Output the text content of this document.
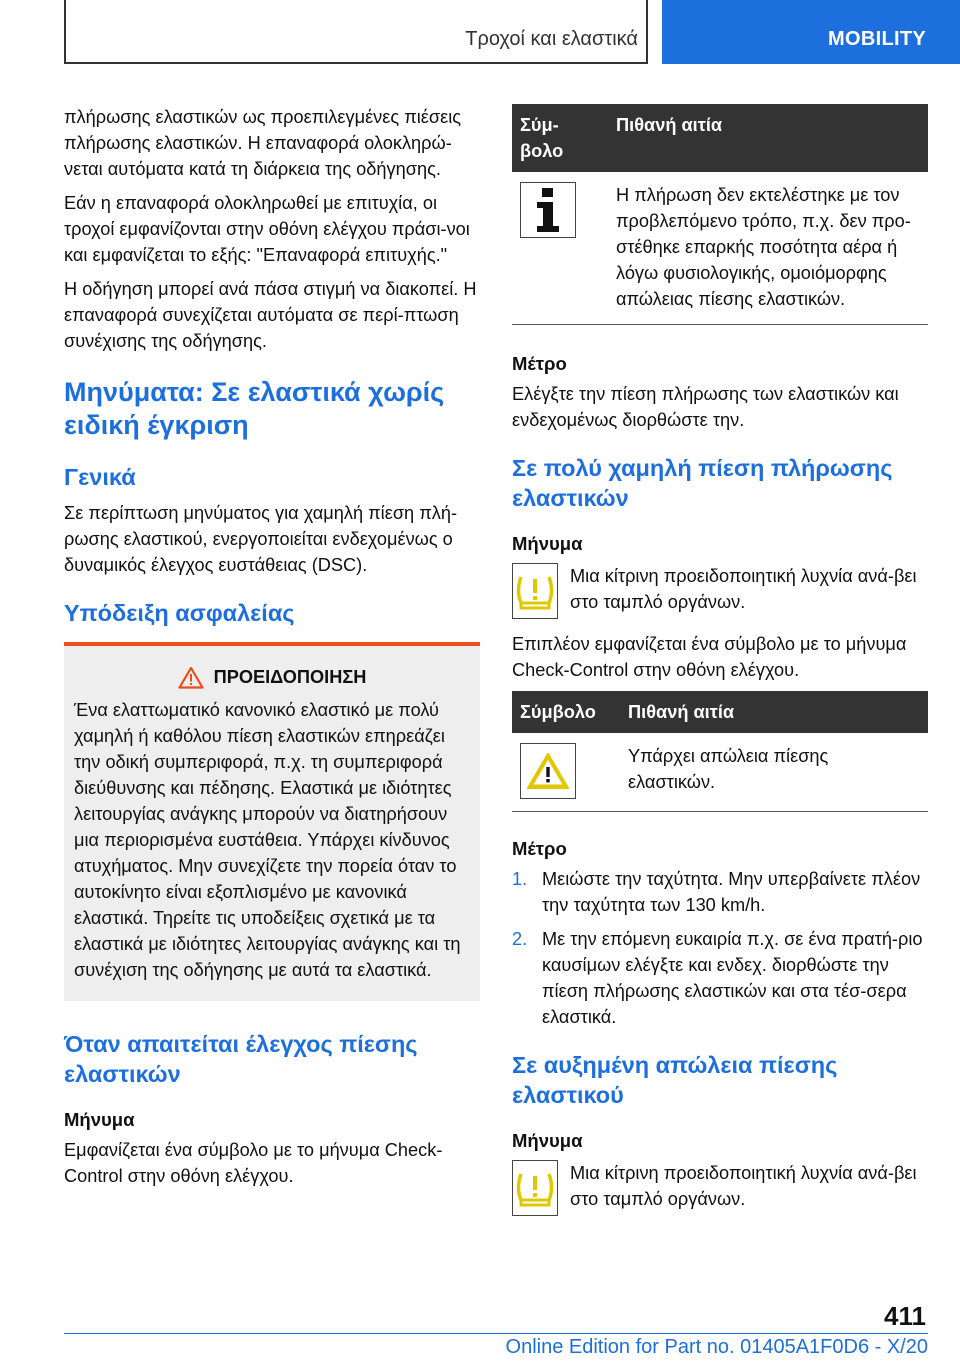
Τροχοί και ελαστικά	MOBILITY

πλήρωσης ελαστικών ως προεπιλεγμένες πιέσεις πλήρωσης ελαστικών. Η επαναφορά ολοκληρώ-νεται αυτόματα κατά τη διάρκεια της οδήγησης.

Εάν η επαναφορά ολοκληρωθεί με επιτυχία, οι τροχοί εμφανίζονται στην οθόνη ελέγχου πράσι-νοι και εμφανίζεται το εξής: "Επαναφορά επιτυχής."

Η οδήγηση μπορεί ανά πάσα στιγμή να διακοπεί. Η επαναφορά συνεχίζεται αυτόματα σε περί-πτωση συνέχισης της οδήγησης.

Μηνύματα: Σε ελαστικά χωρίς ειδική έγκριση
Γενικά

Σε περίπτωση μηνύματος για χαμηλή πίεση πλή-ρωσης ελαστικού, ενεργοποιείται ενδεχομένως ο δυναμικός έλεγχος ευστάθειας (DSC).

Υπόδειξη ασφαλείας
ΠΡΟΕΙΔΟΠΟΙΗΣΗ

Ένα ελαττωματικό κανονικό ελαστικό με πολύ χαμηλή ή καθόλου πίεση ελαστικών επηρεάζει την οδική συμπεριφορά, π.χ. τη συμπεριφορά διεύθυνσης και πέδησης. Ελαστικά με ιδιότητες λειτουργίας ανάγκης μπορούν να διατηρήσουν μια περιορισμένα ευστάθεια. Υπάρχει κίνδυνος ατυχήματος. Μην συνεχίζετε την πορεία όταν το αυτοκίνητο είναι εξοπλισμένο με κανονικά ελαστικά. Τηρείτε τις υποδείξεις σχετικά με τα ελαστικά με ιδιότητες λειτουργίας ανάγκης και τη συνέχιση της οδήγησης με αυτά τα ελαστικά.

Όταν απαιτείται έλεγχος πίεσης ελαστικών
Μήνυμα

Εμφανίζεται ένα σύμβολο με το μήνυμα Check-Control στην οθόνη ελέγχου.

Σύμ-βολο	Πιθανή αιτία

	Η πλήρωση δεν εκτελέστηκε με τον προβλεπόμενο τρόπο, π.χ. δεν προ-στέθηκε επαρκής ποσότητα αέρα ή λόγω φυσιολογικής, ομοιόμορφης απώλειας πίεσης ελαστικών.
Μέτρο

Ελέγξτε την πίεση πλήρωσης των ελαστικών και ενδεχομένως διορθώστε την.

Σε πολύ χαμηλή πίεση πλήρωσης ελαστικών
Μήνυμα

Μια κίτρινη προειδοποιητική λυχνία ανά-βει στο ταμπλό οργάνων.

Επιπλέον εμφανίζεται ένα σύμβολο με το μήνυμα Check-Control στην οθόνη ελέγχου.

Σύμβολο	Πιθανή αιτία

	Υπάρχει απώλεια πίεσης ελαστικών.
Μέτρο
1. Μειώστε την ταχύτητα. Μην υπερβαίνετε πλέον την ταχύτητα των 130 km/h.
2. Με την επόμενη ευκαιρία π.χ. σε ένα πρατή-ριο καυσίμων ελέγξτε και ενδεχ. διορθώστε την πίεση πλήρωσης ελαστικών και στα τέσ-σερα ελαστικά.
Σε αυξημένη απώλεια πίεσης ελαστικού
Μήνυμα

Μια κίτρινη προειδοποιητική λυχνία ανά-βει στο ταμπλό οργάνων.

411
Online Edition for Part no. 01405A1F0D6 - X/20
